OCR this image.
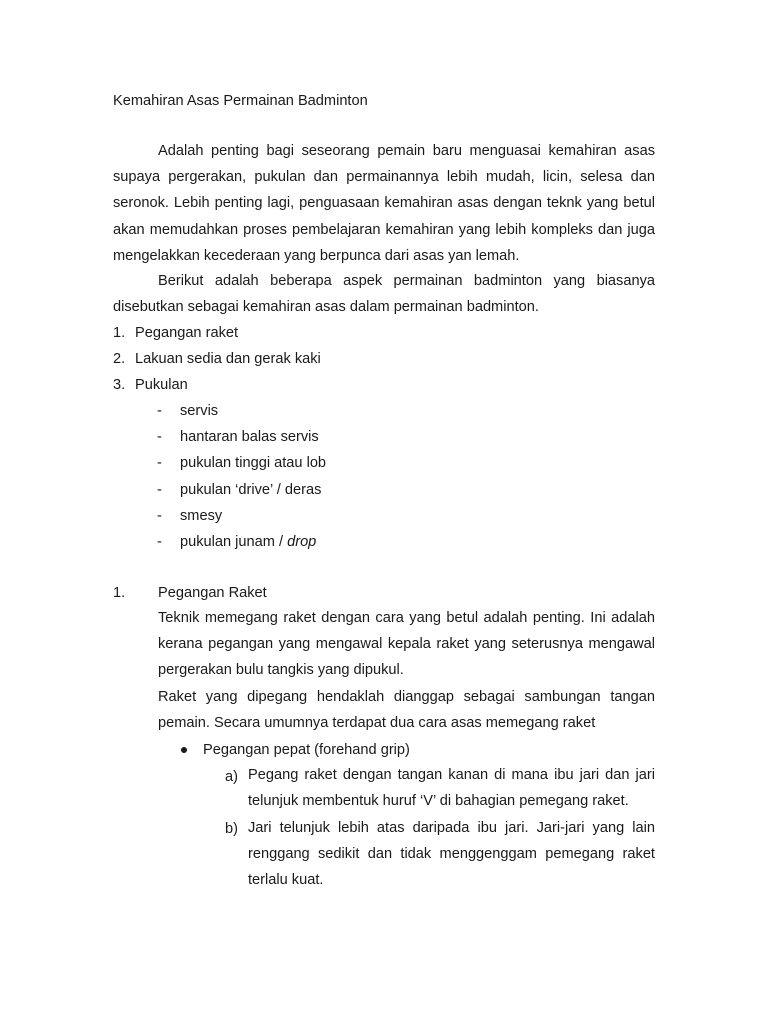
Kemahiran Asas Permainan Badminton

Adalah penting bagi seseorang pemain baru menguasai kemahiran asas supaya pergerakan, pukulan dan permainannya lebih mudah, licin, selesa dan seronok. Lebih penting lagi, penguasaan kemahiran asas dengan teknk yang betul akan memudahkan proses pembelajaran kemahiran yang lebih kompleks dan juga mengelakkan kecederaan yang berpunca dari asas yan lemah.

Berikut adalah beberapa aspek permainan badminton yang biasanya disebutkan sebagai kemahiran asas dalam permainan badminton.

1. Pegangan raket
2. Lakuan sedia dan gerak kaki
3. Pukulan
- servis
- hantaran balas servis
- pukulan tinggi atau lob
- pukulan ‘drive’ / deras
- smesy
- pukulan junam / drop
1. Pegangan Raket

Teknik memegang raket dengan cara yang betul adalah penting. Ini adalah kerana pegangan yang mengawal kepala raket yang seterusnya mengawal pergerakan bulu tangkis yang dipukul.

Raket yang dipegang hendaklah dianggap sebagai sambungan tangan pemain. Secara umumnya terdapat dua cara asas memegang raket

Pegangan pepat (forehand grip)
a) Pegang raket dengan tangan kanan di mana ibu jari dan jari telunjuk membentuk huruf ‘V’ di bahagian pemegang raket.

b) Jari telunjuk lebih atas daripada ibu jari. Jari-jari yang lain renggang sedikit dan tidak menggenggam pemegang raket terlalu kuat.
